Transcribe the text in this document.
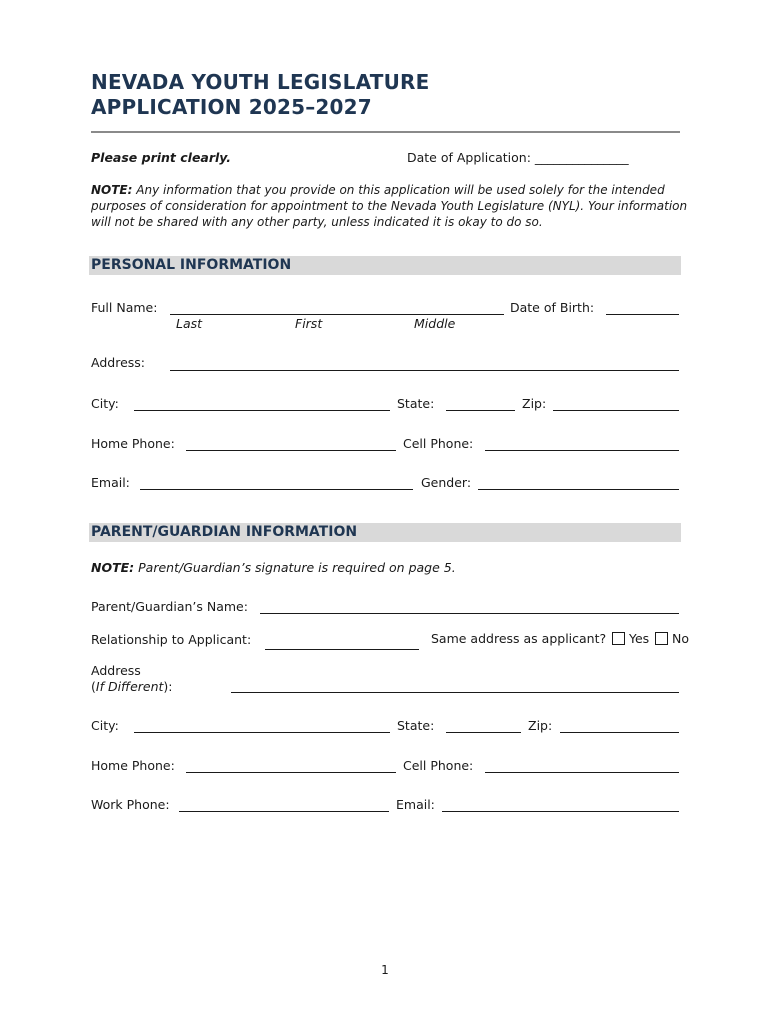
NEVADA YOUTH LEGISLATURE
APPLICATION 2025–2027
Please print clearly.	Date of Application: _______________
NOTE: Any information that you provide on this application will be used solely for the intended purposes of consideration for appointment to the Nevada Youth Legislature (NYL). Your information will not be shared with any other party, unless indicated it is okay to do so.
PERSONAL INFORMATION
Full Name:	Date of Birth:
Last	First	Middle
Address:
City:	State:	Zip:
Home Phone:	Cell Phone:
Email:	Gender:
PARENT/GUARDIAN INFORMATION
NOTE: Parent/Guardian’s signature is required on page 5.
Parent/Guardian’s Name:
Relationship to Applicant:	Same address as applicant? Yes No
Address
(If Different):
City:	State:	Zip:
Home Phone:	Cell Phone:
Work Phone:	Email:
1
